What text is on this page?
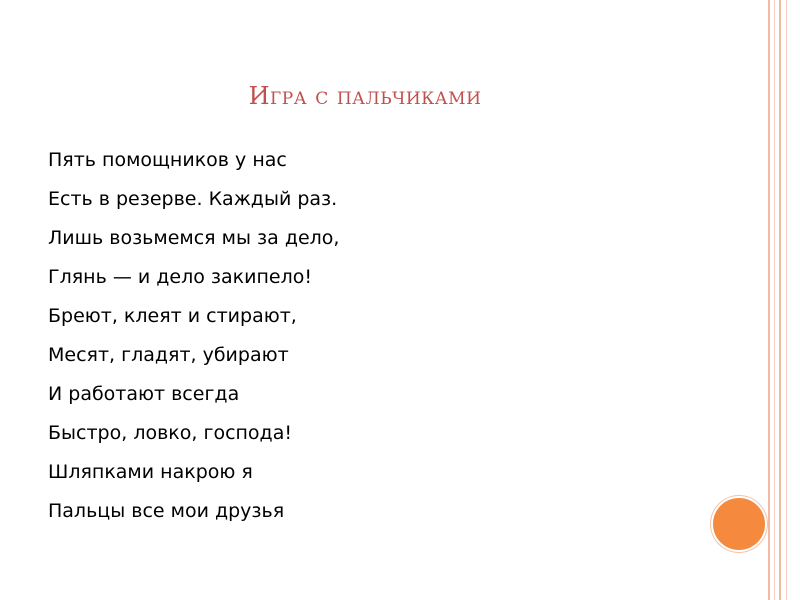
Игра с пальчиками
Пять помощников у нас
Есть в резерве. Каждый раз.
Лишь возьмемся мы за дело,
Глянь — и дело закипело!
Бреют, клеят и стирают,
Месят, гладят, убирают
И работают всегда
Быстро, ловко, господа!
Шляпками накрою я
Пальцы все мои друзья
